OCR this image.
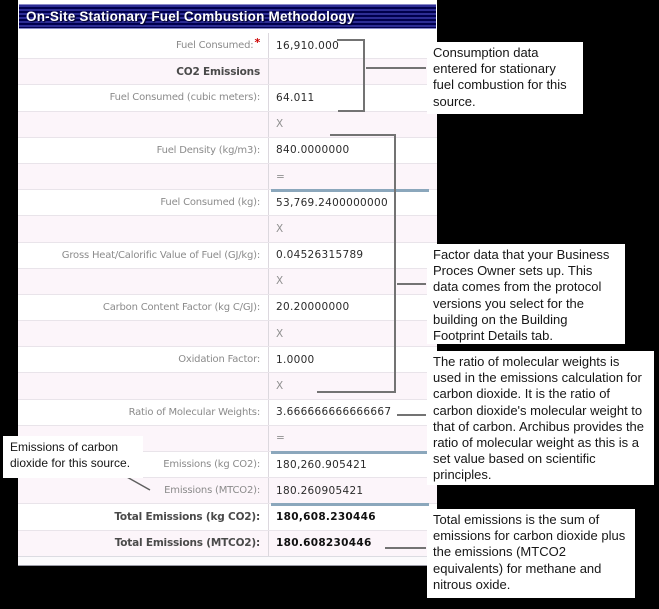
On-Site Stationary Fuel Combustion Methodology
Fuel Consumed: *	16,910.000
CO2 Emissions
Fuel Consumed (cubic meters):	64.011
X
Fuel Density (kg/m3):	840.0000000
=
Fuel Consumed (kg):	53,769.2400000000
X
Gross Heat/Calorific Value of Fuel (GJ/kg):	0.04526315789
X
Carbon Content Factor (kg C/GJ):	20.20000000
X
Oxidation Factor:	1.0000
X
Ratio of Molecular Weights:	3.666666666666667
=
Emissions (kg CO2):	180,260.905421
Emissions (MTCO2):	180.260905421
Total Emissions (kg CO2):	180,608.230446
Total Emissions (MTCO2):	180.608230446
Consumption data entered for stationary fuel combustion for this source.
Factor data that your Business Proces Owner sets up. This data comes from the protocol versions you select for the building on the Building Footprint Details tab.
The ratio of molecular weights is used in the emissions calculation for carbon dioxide. It is the ratio of carbon dioxide's molecular weight to that of carbon. Archibus provides the ratio of molecular weight as this is a set value based on scientific principles.
Total emissions is the sum of emissions for carbon dioxide plus the emissions (MTCO2 equivalents) for methane and nitrous oxide.
Emissions of carbon dioxide for this source.
